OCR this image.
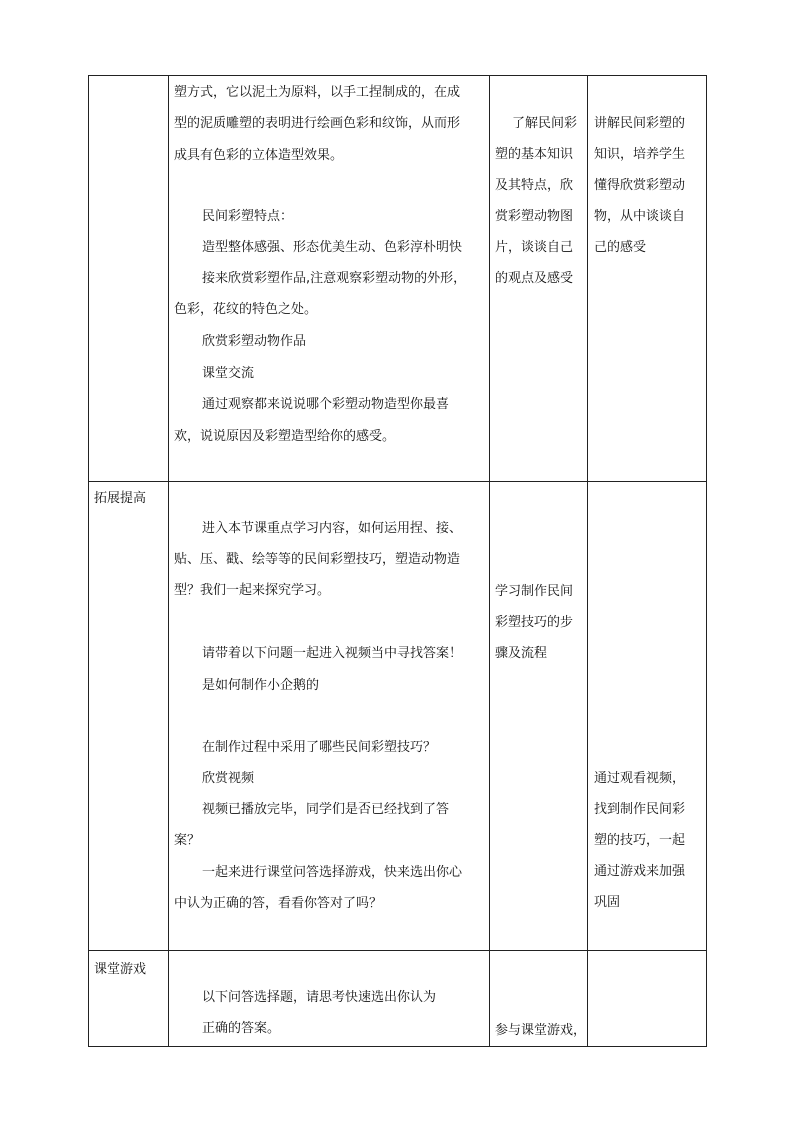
塑方式，它以泥土为原料，以手工捏制成的，在成
型的泥质雕塑的表明进行绘画色彩和纹饰，从而形
成具有色彩的立体造型效果。
民间彩塑特点：
造型整体感强、形态优美生动、色彩淳朴明快
接来欣赏彩塑作品,注意观察彩塑动物的外形，
色彩，花纹的特色之处。
欣赏彩塑动物作品
课堂交流
通过观察都来说说哪个彩塑动物造型你最喜
欢，说说原因及彩塑造型给你的感受。
了解民间彩
塑的基本知识
及其特点，欣
赏彩塑动物图
片，谈谈自己
的观点及感受
讲解民间彩塑的
知识，培养学生
懂得欣赏彩塑动
物，从中谈谈自
己的感受
拓展提高
进入本节课重点学习内容，如何运用捏、接、
贴、压、戳、绘等等的民间彩塑技巧，塑造动物造
型？我们一起来探究学习。
请带着以下问题一起进入视频当中寻找答案！
是如何制作小企鹅的
在制作过程中采用了哪些民间彩塑技巧？
欣赏视频
视频已播放完毕，同学们是否已经找到了答
案？
一起来进行课堂问答选择游戏，快来选出你心
中认为正确的答，看看你答对了吗？
学习制作民间
彩塑技巧的步
骤及流程
通过观看视频，
找到制作民间彩
塑的技巧，一起
通过游戏来加强
巩固
课堂游戏
以下问答选择题，请思考快速选出你认为
正确的答案。	参与课堂游戏，
